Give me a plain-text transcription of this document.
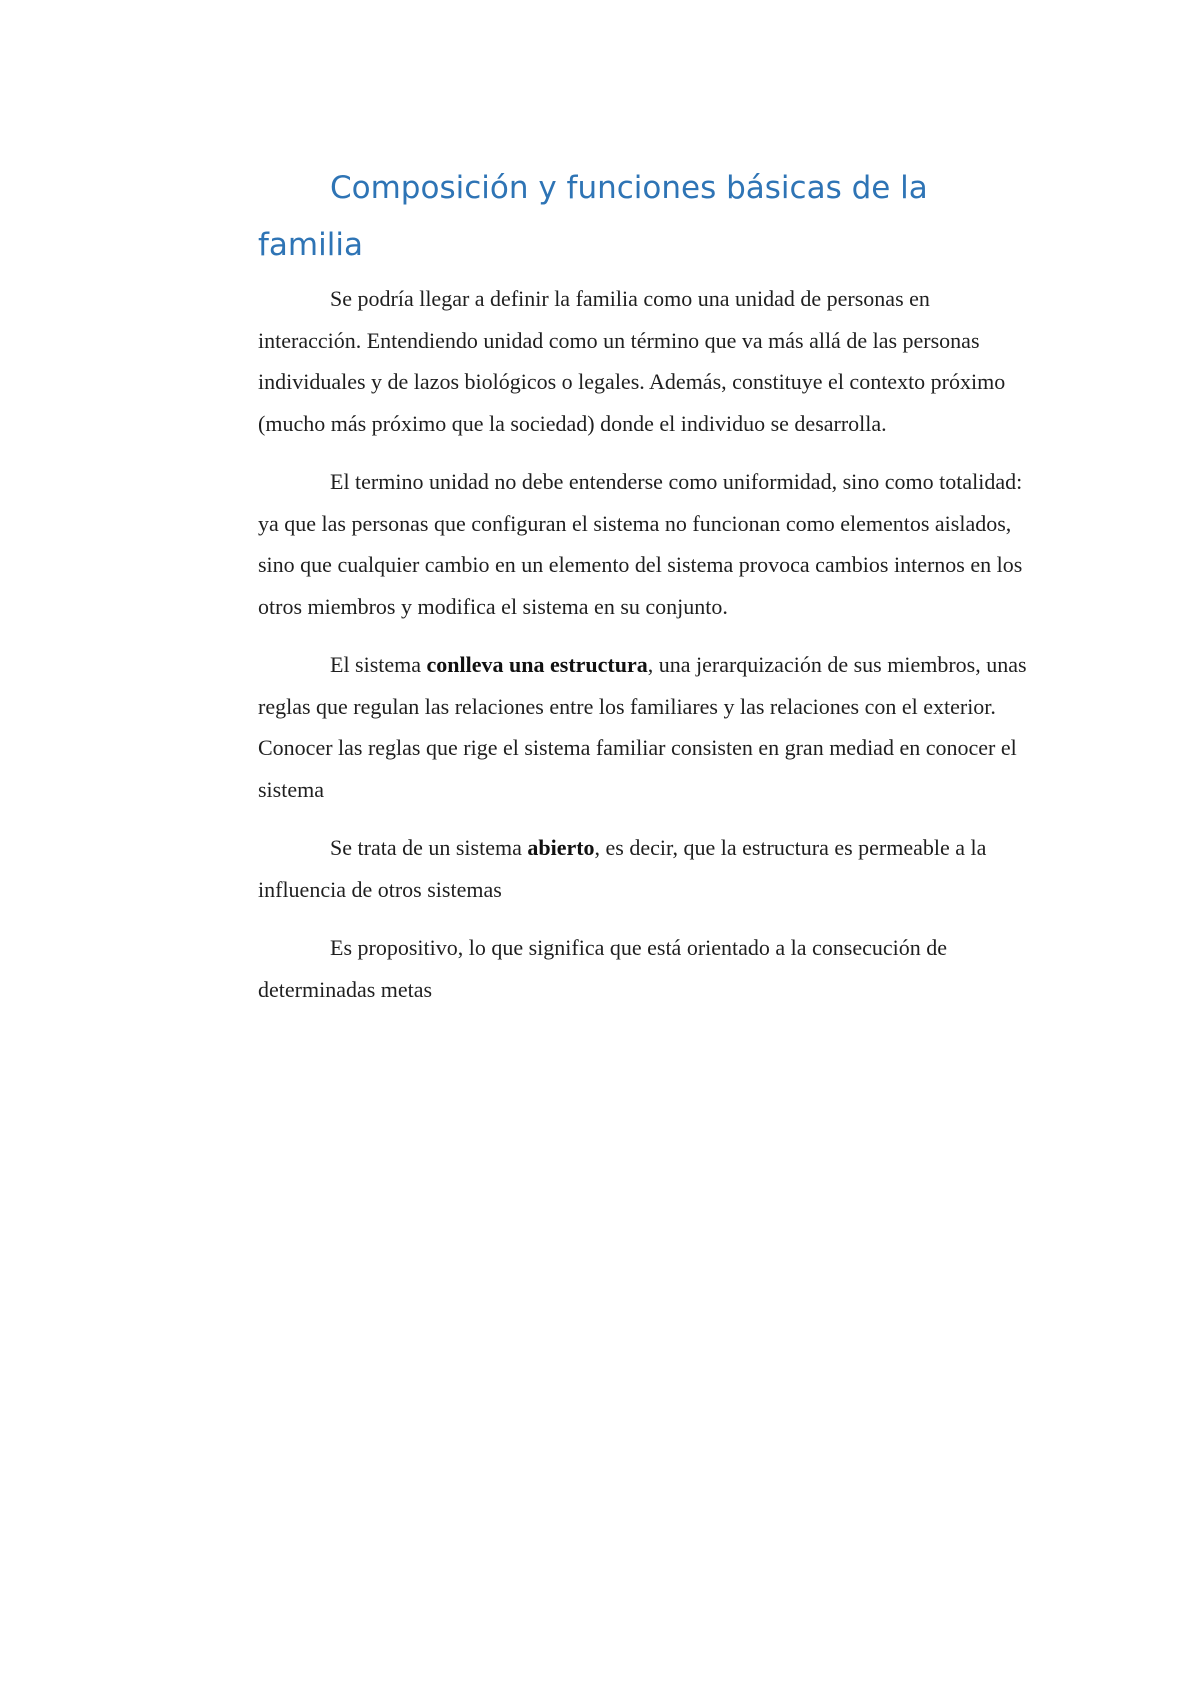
Composición y funciones básicas de la familia

Se podría llegar a definir la familia como una unidad de personas en interacción. Entendiendo unidad como un término que va más allá de las personas individuales y de lazos biológicos o legales. Además, constituye el contexto próximo (mucho más próximo que la sociedad) donde el individuo se desarrolla.

El termino unidad no debe entenderse como uniformidad, sino como totalidad: ya que las personas que configuran el sistema no funcionan como elementos aislados, sino que cualquier cambio en un elemento del sistema provoca cambios internos en los otros miembros y modifica el sistema en su conjunto.

El sistema conlleva una estructura, una jerarquización de sus miembros, unas reglas que regulan las relaciones entre los familiares y las relaciones con el exterior. Conocer las reglas que rige el sistema familiar consisten en gran mediad en conocer el sistema

Se trata de un sistema abierto, es decir, que la estructura es permeable a la influencia de otros sistemas

Es propositivo, lo que significa que está orientado a la consecución de determinadas metas
